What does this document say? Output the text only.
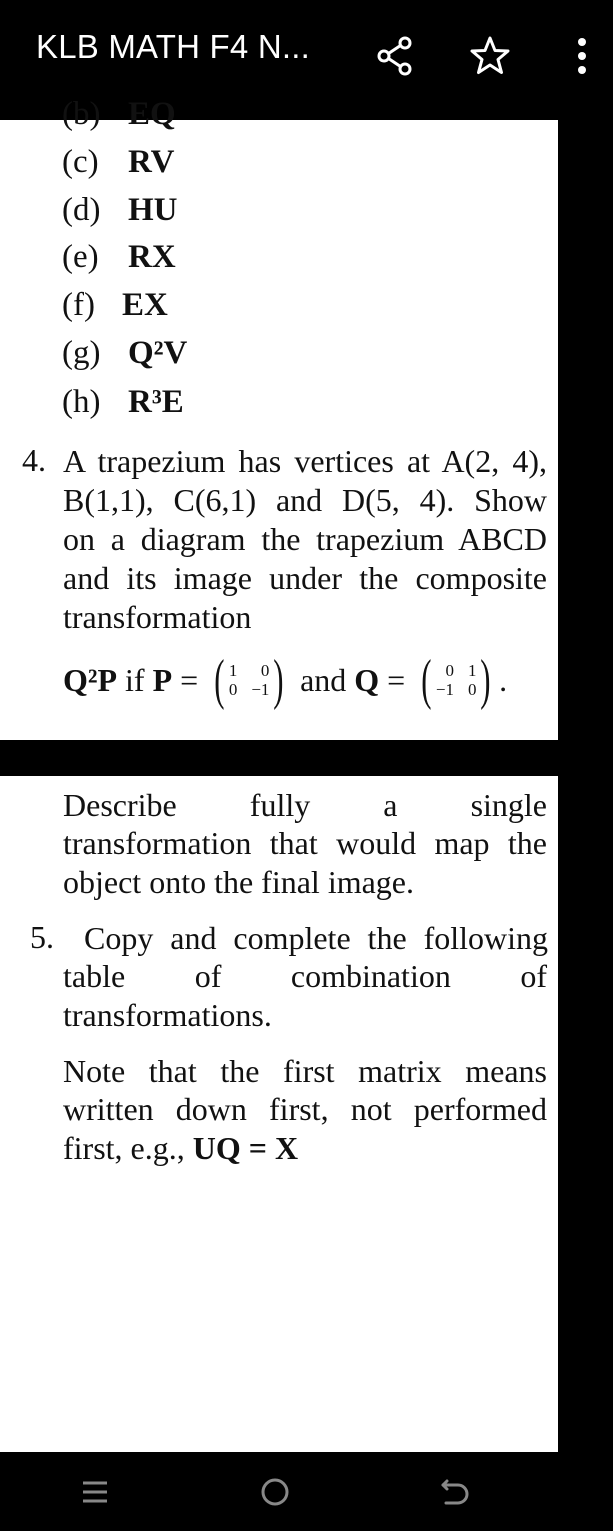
KLB MATH F4 N...
(b) EQ
(c) RV
(d) HU
(e) RX
(f) EX
(g) Q²V
(h) R³E
4. A trapezium has vertices at A(2, 4),
B(1,1), C(6,1) and D(5, 4). Show
on a diagram the trapezium ABCD
and its image under the composite
transformation
Q²P if P = ( 1	0
0 −1 ) and Q = ( 0 1
−1 0 ) .
Describe fully a single
transformation that would map the
object onto the final image.
5. Copy and complete the following
table of combination of
transformations.
Note that the first matrix means
written down first, not performed
first, e.g., UQ = X
